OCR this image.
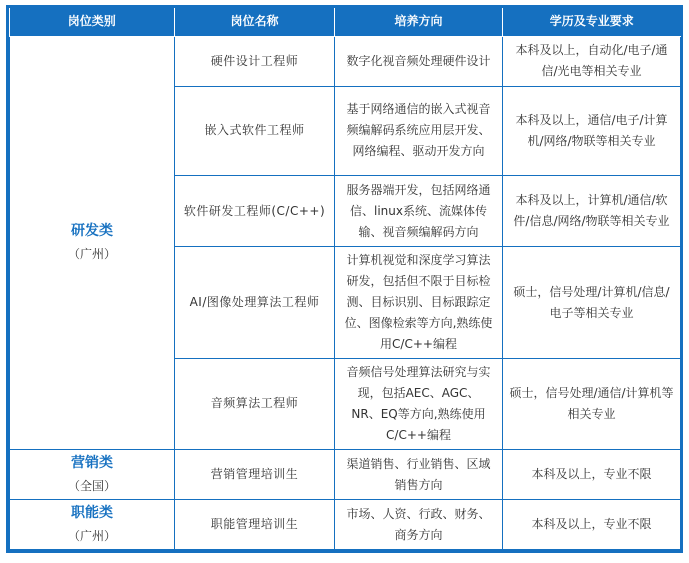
岗位类别	岗位名称	培养方向	学历及专业要求

研发类
（广州）	硬件设计工程师	数字化视音频处理硬件设计	本科及以上，自动化/电子/通信/光电等相关专业
	嵌入式软件工程师	基于网络通信的嵌入式视音频编解码系统应用层开发、网络编程、驱动开发方向	本科及以上，通信/电子/计算机/网络/物联等相关专业
	软件研发工程师(C/C++)	服务器端开发，包括网络通信、linux系统、流媒体传输、视音频编解码方向	本科及以上，计算机/通信/软件/信息/网络/物联等相关专业
	AI/图像处理算法工程师	计算机视觉和深度学习算法研发，包括但不限于目标检测、目标识别、目标跟踪定位、图像检索等方向,熟练使用C/C++编程	硕士，信号处理/计算机/信息/电子等相关专业
	音频算法工程师	音频信号处理算法研究与实现，包括AEC、AGC、NR、EQ等方向,熟练使用C/C++编程	硕士，信号处理/通信/计算机等相关专业

营销类
（全国）	营销管理培训生	渠道销售、行业销售、区域销售方向	本科及以上，专业不限

职能类
（广州）	职能管理培训生	市场、人资、行政、财务、商务方向	本科及以上，专业不限
